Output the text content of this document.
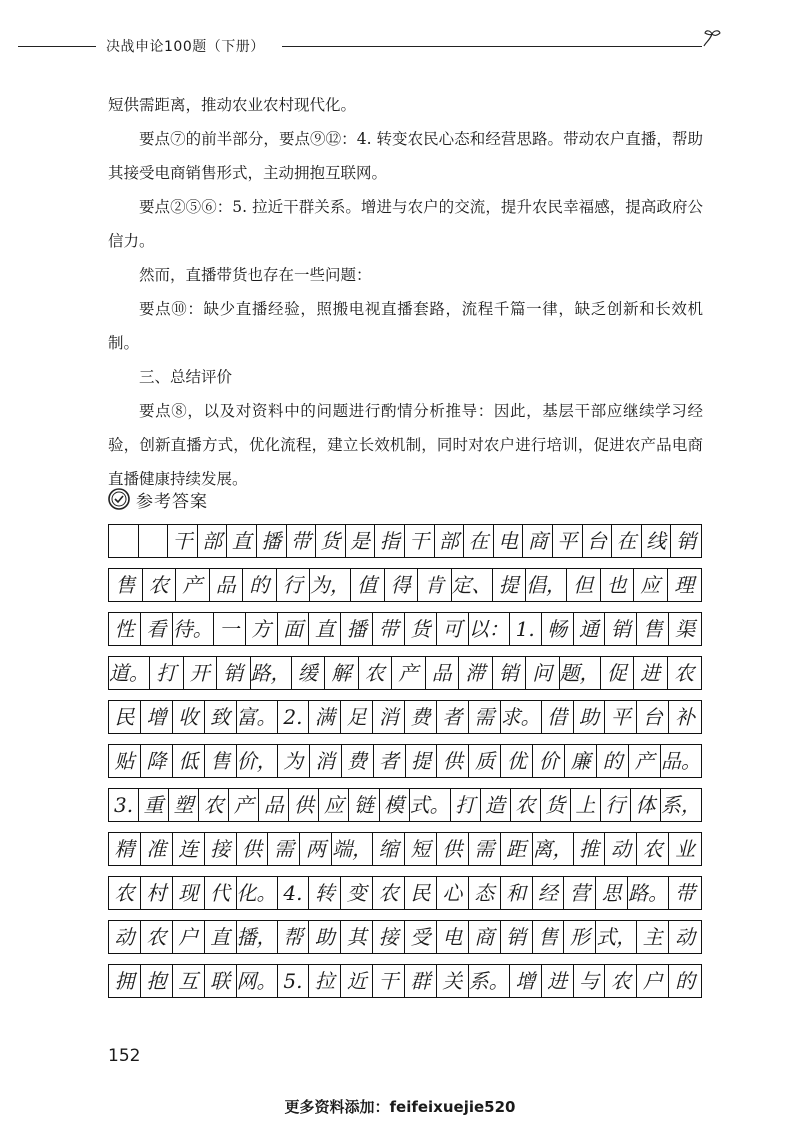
决战申论100题（下册）

短供需距离，推动农业农村现代化。

要点⑦的前半部分，要点⑨⑫：4. 转变农民心态和经营思路。带动农户直播，帮助其接受电商销售形式，主动拥抱互联网。

要点②⑤⑥：5. 拉近干群关系。增进与农户的交流，提升农民幸福感，提高政府公信力。

然而，直播带货也存在一些问题：

要点⑩：缺少直播经验，照搬电视直播套路，流程千篇一律，缺乏创新和长效机制。

三、总结评价

要点⑧，以及对资料中的问题进行酌情分析推导：因此，基层干部应继续学习经验，创新直播方式，优化流程，建立长效机制，同时对农户进行培训，促进农产品电商直播健康持续发展。

参考答案
干 部 直 播 带 货 是 指 干 部 在 电 商 平 台 在 线 销
售 农 产 品 的 行 为， 值 得 肯 定、 提 倡， 但 也 应 理
性 看 待。 一 方 面 直 播 带 货 可 以： 1. 畅 通 销 售 渠
道。 打 开 销 路， 缓 解 农 产 品 滞 销 问 题， 促 进 农
民 增 收 致 富。 2. 满 足 消 费 者 需 求。 借 助 平 台 补
贴 降 低 售 价， 为 消 费 者 提 供 质 优 价 廉 的 产 品。
3. 重 塑 农 产 品 供 应 链 模 式。 打 造 农 货 上 行 体 系，
精 准 连 接 供 需 两 端， 缩 短 供 需 距 离， 推 动 农 业
农 村 现 代 化。 4. 转 变 农 民 心 态 和 经 营 思 路。 带
动 农 户 直 播， 帮 助 其 接 受 电 商 销 售 形 式， 主 动
拥 抱 互 联 网。 5. 拉 近 干 群 关 系。 增 进 与 农 户 的
152
更多资料添加：feifeixuejie520
